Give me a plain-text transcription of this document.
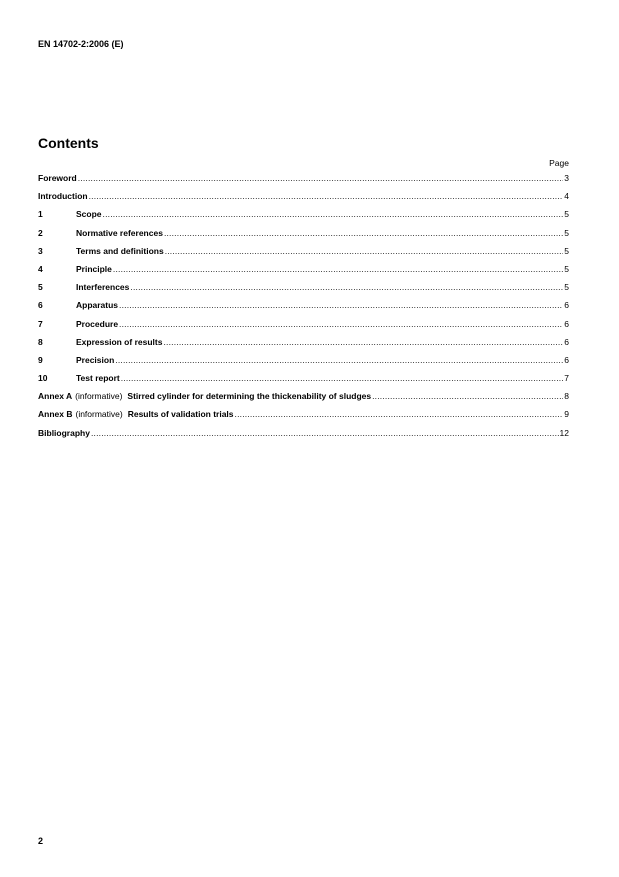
EN 14702-2:2006 (E)
Contents
Page
Foreword .....	3
Introduction .....	4
1	Scope .....	5
2	Normative references .....	5
3	Terms and definitions .....	5
4	Principle .....	5
5	Interferences .....	5
6	Apparatus .....	6
7	Procedure .....	6
8	Expression of results .....	6
9	Precision .....	6
10	Test report .....	7
Annex A (informative) Stirred cylinder for determining the thickenability of sludges .....	8
Annex B (informative) Results of validation trials .....	9
Bibliography .....	12
2
